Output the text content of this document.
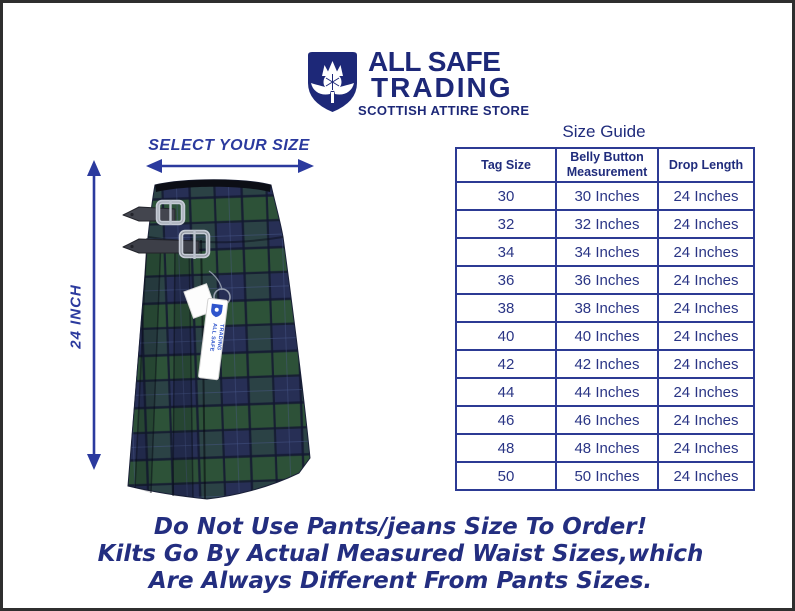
ALL SAFE
TRADING
SCOTTISH ATTIRE STORE
SELECT YOUR SIZE
24 INCH	ALL SAFE
TRADING
Size Guide
Tag Size	Belly Button Measurement	Drop Length
30	30 Inches	24 Inches
32	32 Inches	24 Inches
34	34 Inches	24 Inches
36	36 Inches	24 Inches
38	38 Inches	24 Inches
40	40 Inches	24 Inches
42	42 Inches	24 Inches
44	44 Inches	24 Inches
46	46 Inches	24 Inches
48	48 Inches	24 Inches
50	50 Inches	24 Inches
Do Not Use Pants/jeans Size To Order!
Kilts Go By Actual Measured Waist Sizes,which
Are Always Different From Pants Sizes.
